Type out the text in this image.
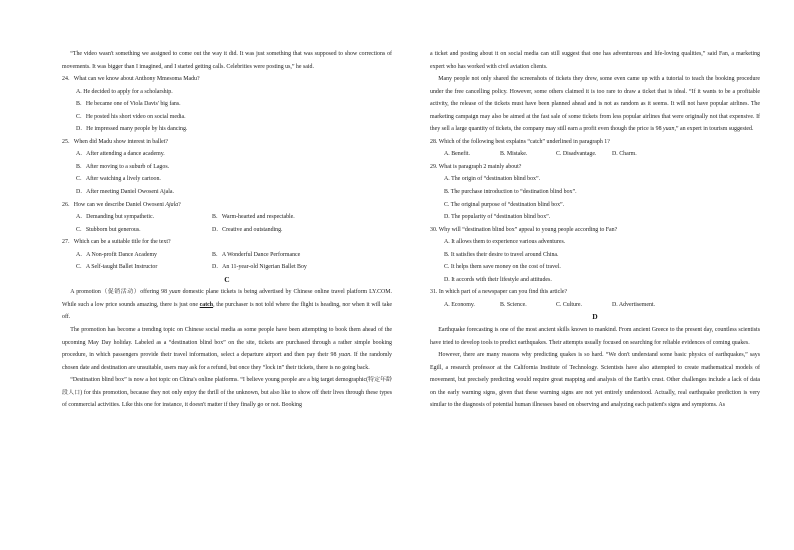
“The video wasn't something we assigned to come out the way it did. It was just something that was supposed to show corrections of movements. It was bigger than I imagined, and I started getting calls. Celebrities were posting us,” he said.

24．What can we know about Anthony Mmesoma Madu?

A. He decided to apply for a scholarship.

B．He became one of Viola Davis' big fans.

C．He posted his short video on social media.

D．He impressed many people by his dancing.

25．When did Madu show interest in ballet?

A．After attending a dance academy.

B．After moving to a suburb of Lagos.

C．After watching a lively cartoon.

D．After meeting Daniel Owoseni Ajala.

26．How can we describe Daniel Owoseni Ajala?

A．Demanding but sympathetic.	B．Warm-hearted and respectable.
C．Stubborn but generous.	D．Creative and outstanding.

27．Which can be a suitable title for the text?

A．A Non-profit Dance Academy	B．A Wonderful Dance Performance
C．A Self-taught Ballet Instructor	D．An 11-year-old Nigerian Ballet Boy

C

A promotion（促销活动）offering 98 yuan domestic plane tickets is being advertised by Chinese online travel platform LY.COM. While such a low price sounds amazing, there is just one catch, the purchaser is not told where the flight is heading, nor when it will take off.

The promotion has become a trending topic on Chinese social media as some people have been attempting to book them ahead of the upcoming May Day holiday. Labeled as a “destination blind box” on the site, tickets are purchased through a rather simple booking procedure, in which passengers provide their travel information, select a departure airport and then pay their 98 yuan. If the randomly chosen date and destination are unsuitable, users may ask for a refund, but once they “lock in” their tickets, there is no going back.

“Destination blind box” is now a hot topic on China's online platforms. “I believe young people are a big target demographic(特定年龄段人口) for this promotion, because they not only enjoy the thrill of the unknown, but also like to show off their lives through these types of commercial activities. Like this one for instance, it doesn't matter if they finally go or not. Booking

a ticket and posting about it on social media can still suggest that one has adventurous and life-loving qualities,” said Fan, a marketing expert who has worked with civil aviation clients.

Many people not only shared the screenshots of tickets they drew, some even came up with a tutorial to teach the booking procedure under the free cancelling policy. However, some others claimed it is too rare to draw a ticket that is ideal. “If it wants to be a profitable activity, the release of the tickets must have been planned ahead and is not as random as it seems. It will not have popular airlines. The marketing campaign may also be aimed at the fast sale of some tickets from less popular airlines that were originally not that expensive. If they sell a large quantity of tickets, the company may still earn a profit even though the price is 98 yuan,” an expert in tourism suggested.

28. Which of the following best explains “catch” underlined in paragraph 1?

A. Benefit.	B. Mistake.	C. Disadvantage.	D. Charm.

29. What is paragraph 2 mainly about?

A. The origin of “destination blind box”.

B. The purchase introduction to “destination blind box”.

C. The original purpose of “destination blind box”.

D. The popularity of “destination blind box”.

30. Why will “destination blind box” appeal to young people according to Fan?

A. It allows them to experience various adventures.

B. It satisfies their desire to travel around China.

C. It helps them save money on the cost of travel.

D. It accords with their lifestyle and attitudes.

31. In which part of a newspaper can you find this article?

A. Economy.	B. Science.	C. Culture.	D. Advertisement.

D

Earthquake forecasting is one of the most ancient skills known to mankind. From ancient Greece to the present day, countless scientists have tried to develop tools to predict earthquakes. Their attempts usually focused on searching for reliable evidences of coming quakes.

However, there are many reasons why predicting quakes is so hard. “We don't understand some basic physics of earthquakes,” says Egill, a research professor at the California Institute of Technology. Scientists have also attempted to create mathematical models of movement, but precisely predicting would require great mapping and analysis of the Earth's crust. Other challenges include a lack of data on the early warning signs, given that these warning signs are not yet entirely understood. Actually, real earthquake prediction is very similar to the diagnosis of potential human illnesses based on observing and analyzing each patient's signs and symptoms. As
